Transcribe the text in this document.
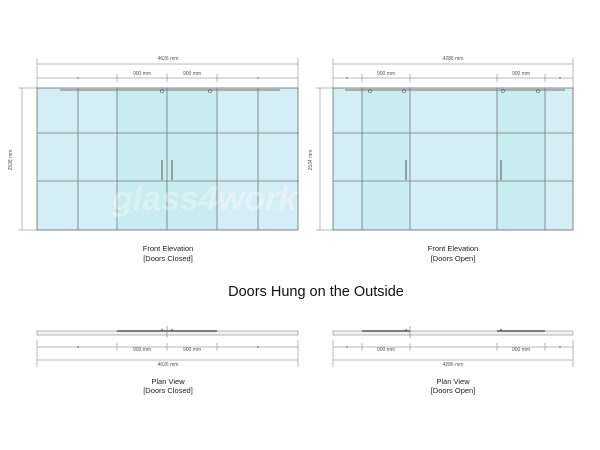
4626 mm
900 mm	900 mm
2538 mm
glass4work
Front Elevation
[Doors Closed]
4286 mm
900 mm	900 mm
2534 mm
Front Elevation
[Doors Open]
Doors Hung on the Outside
900 mm	900 mm
4626 mm
Plan View
[Doors Closed]
900 mm	900 mm
4286 mm
Plan View
[Doors Open]
